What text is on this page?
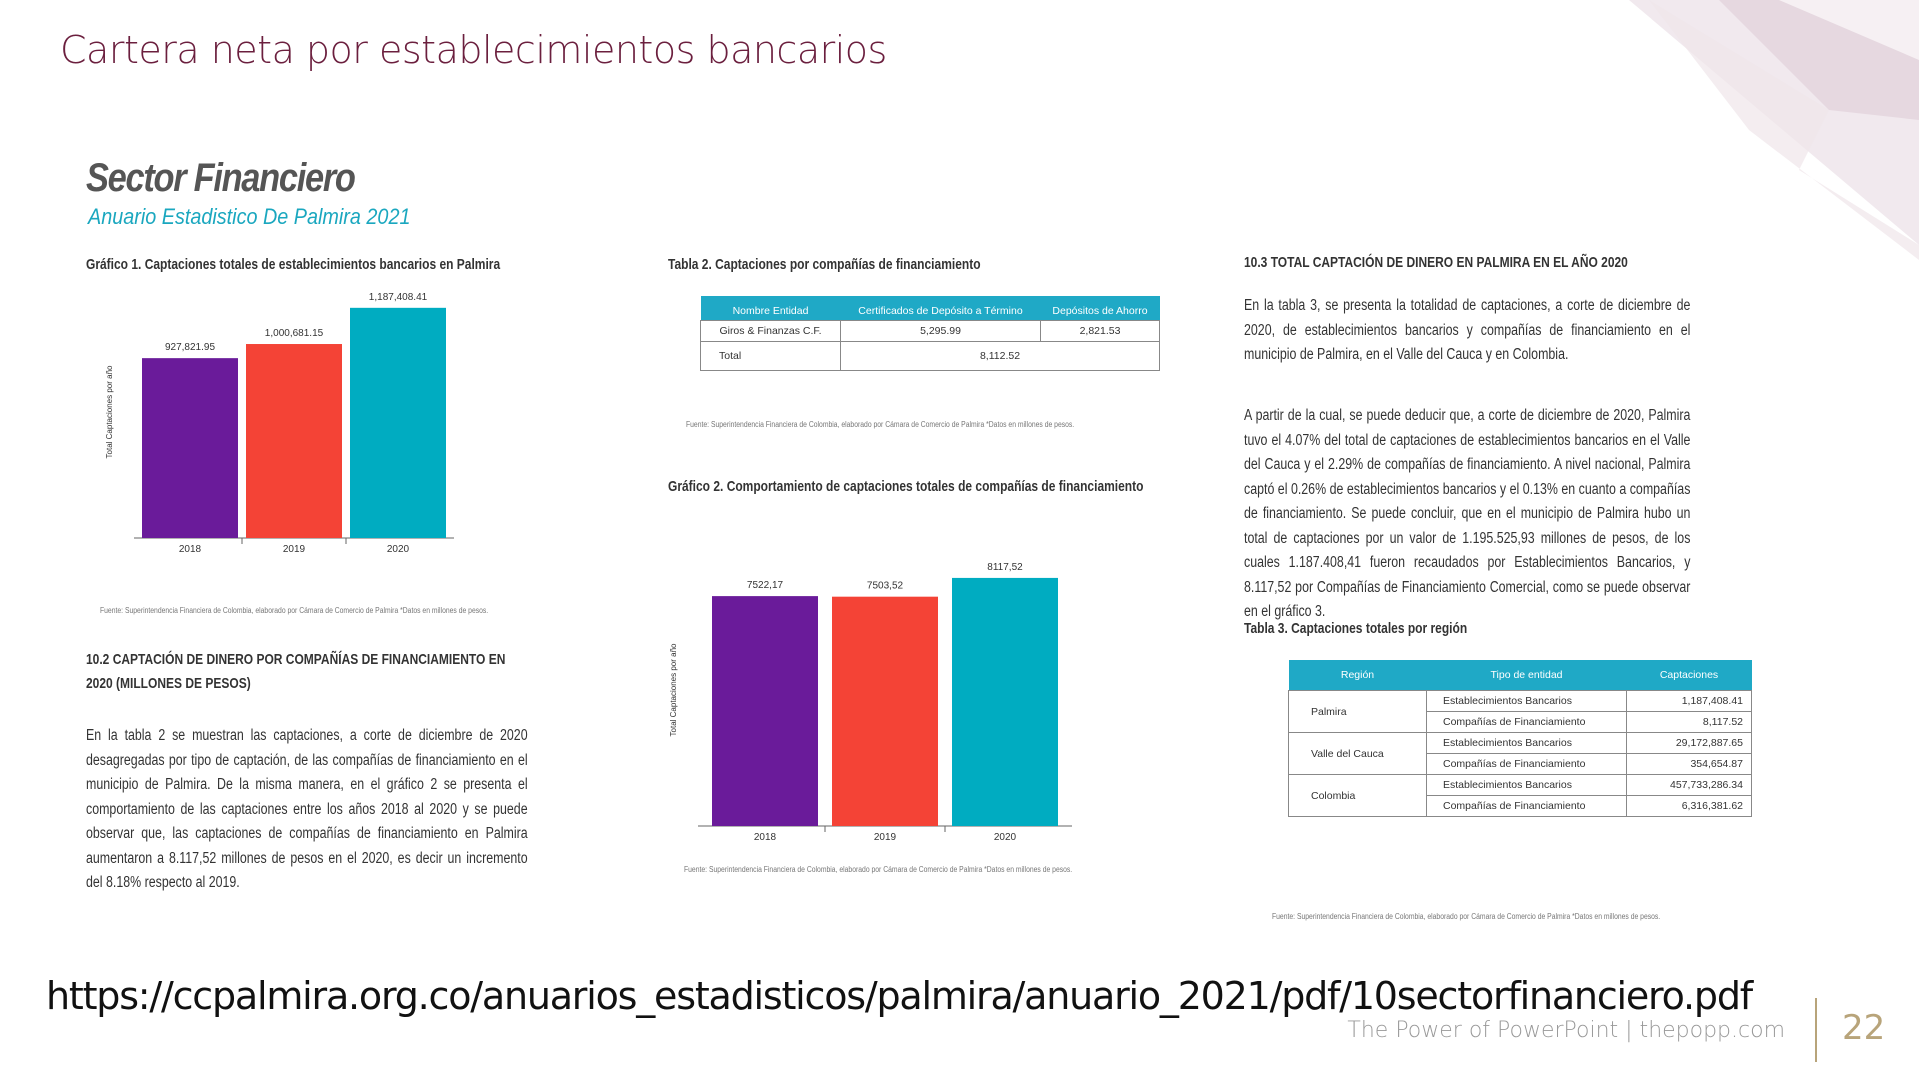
Cartera neta por establecimientos bancarios
Sector Financiero
Anuario Estadistico De Palmira 2021
Gráfico 1. Captaciones totales de establecimientos bancarios en Palmira
Total Captaciones por año
927,821.95
2018
1,000,681.15
2019
1,187,408.41
2020
Fuente: Superintendencia Financiera de Colombia, elaborado por Cámara de Comercio de Palmira *Datos en millones de pesos.
10.2 CAPTACIÓN DE DINERO POR COMPAÑÍAS DE FINANCIAMIENTO EN 2020 (MILLONES DE PESOS)
En la tabla 2 se muestran las captaciones, a corte de diciembre de 2020 desagregadas por tipo de captación, de las compañías de financiamiento en el municipio de Palmira. De la misma manera, en el gráfico 2 se presenta el comportamiento de las captaciones entre los años 2018 al 2020 y se puede observar que, las captaciones de compañías de financiamiento en Palmira aumentaron a 8.117,52 millones de pesos en el 2020, es decir un incremento del 8.18% respecto al 2019.
Tabla 2. Captaciones por compañías de financiamiento
Nombre Entidad	Certificados de Depósito a Término	Depósitos de Ahorro
Giros & Finanzas C.F.	5,295.99	2,821.53
Total	8,112.52	
Fuente: Superintendencia Financiera de Colombia, elaborado por Cámara de Comercio de Palmira *Datos en millones de pesos.
Gráfico 2. Comportamiento de captaciones totales de compañías de financiamiento
Total Captaciones por año
7522,17
2018
7503,52
2019
8117,52
2020
Fuente: Superintendencia Financiera de Colombia, elaborado por Cámara de Comercio de Palmira *Datos en millones de pesos.
10.3 TOTAL CAPTACIÓN DE DINERO EN PALMIRA EN EL AÑO 2020
En la tabla 3, se presenta la totalidad de captaciones, a corte de diciembre de 2020, de establecimientos bancarios y compañías de financiamiento en el municipio de Palmira, en el Valle del Cauca y en Colombia.
A partir de la cual, se puede deducir que, a corte de diciembre de 2020, Palmira tuvo el 4.07% del total de captaciones de establecimientos bancarios en el Valle del Cauca y el 2.29% de compañías de financiamiento. A nivel nacional, Palmira captó el 0.26% de establecimientos bancarios y el 0.13% en cuanto a compañías de financiamiento. Se puede concluir, que en el municipio de Palmira hubo un total de captaciones por un valor de 1.195.525,93 millones de pesos, de los cuales 1.187.408,41 fueron recaudados por Establecimientos Bancarios, y 8.117,52 por Compañías de Financiamiento Comercial, como se puede observar en el gráfico 3.
Tabla 3. Captaciones totales por región
Región	Tipo de entidad	Captaciones
Palmira	Establecimientos Bancarios	1,187,408.41
	Compañías de Financiamiento	8,117.52
Valle del Cauca	Establecimientos Bancarios	29,172,887.65
	Compañías de Financiamiento	354,654.87
Colombia	Establecimientos Bancarios	457,733,286.34
	Compañías de Financiamiento	6,316,381.62
Fuente: Superintendencia Financiera de Colombia, elaborado por Cámara de Comercio de Palmira *Datos en millones de pesos.
https://ccpalmira.org.co/anuarios_estadisticos/palmira/anuario_2021/pdf/10sectorfinanciero.pdf
The Power of PowerPoint | thepopp.com 22
